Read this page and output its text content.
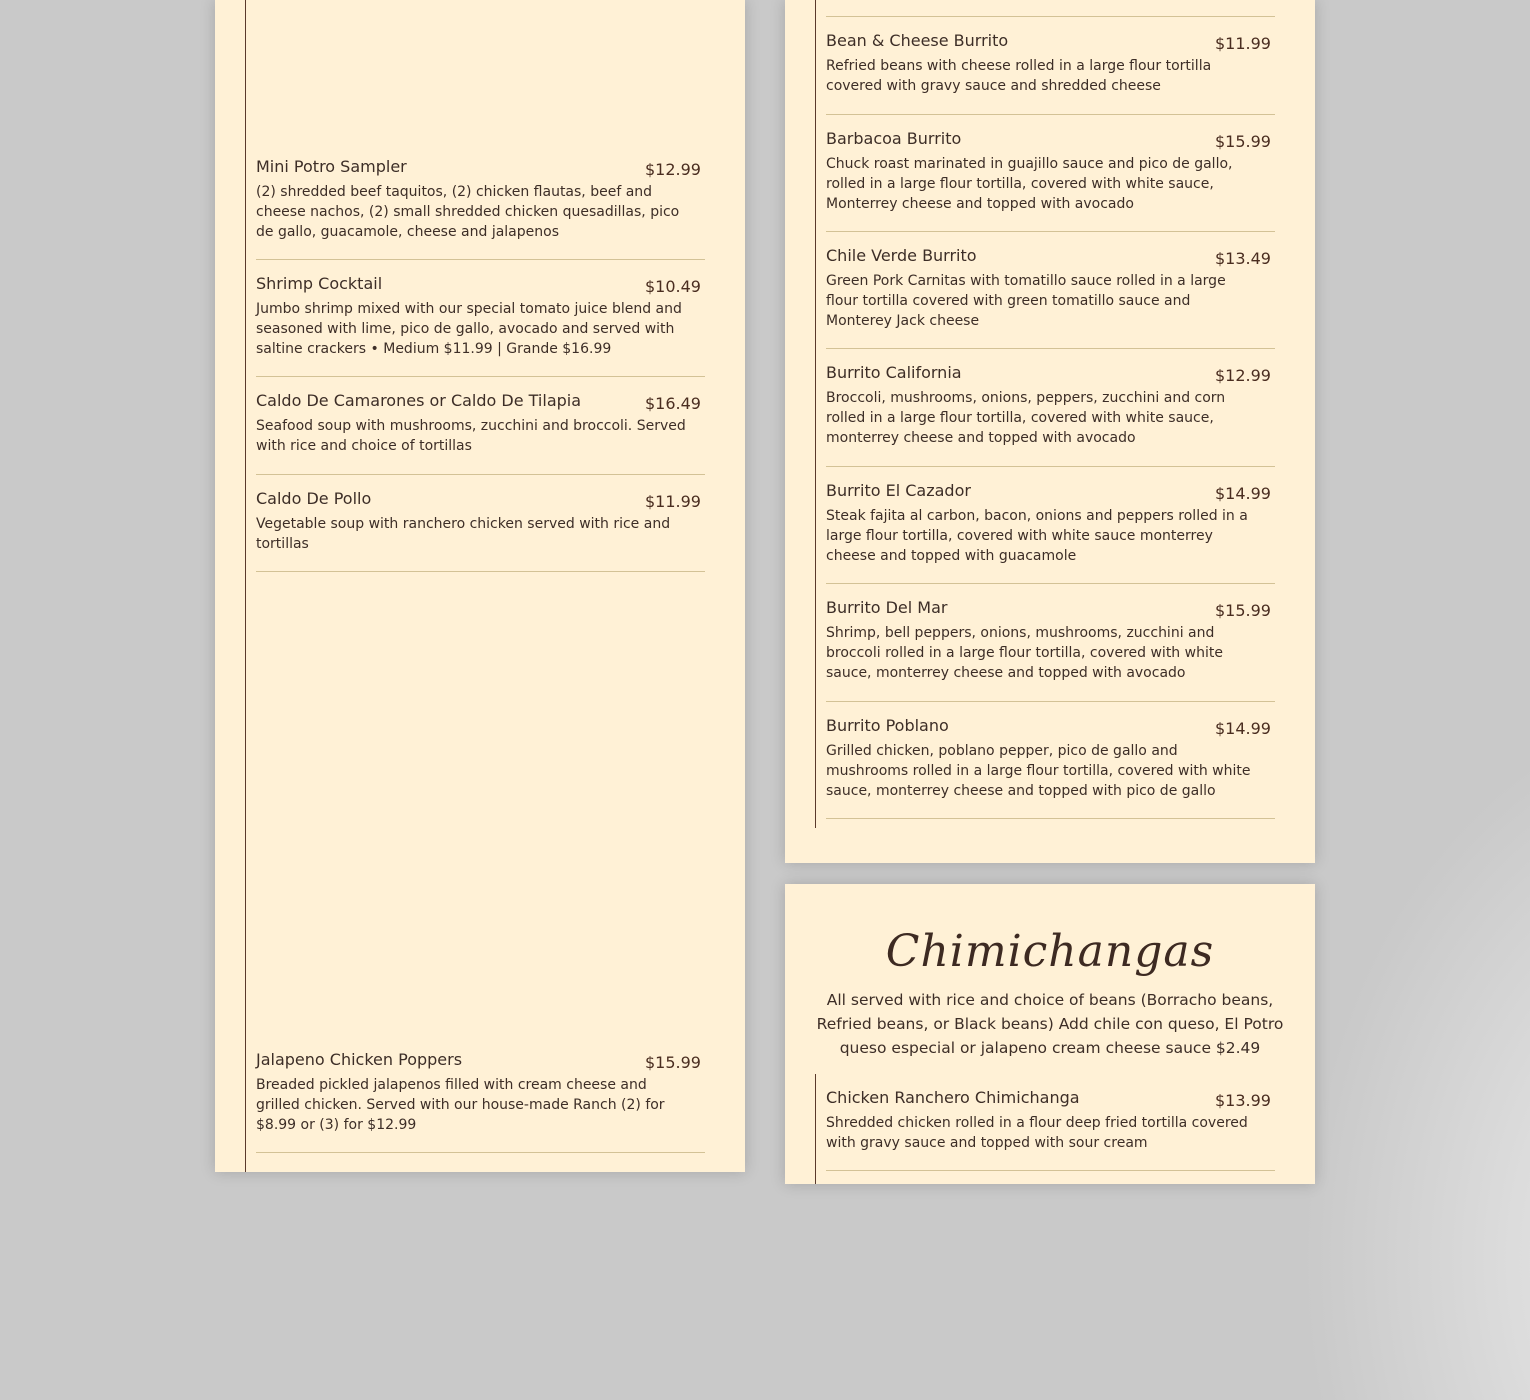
Mini Potro Sampler	$12.99
(2) shredded beef taquitos, (2) chicken flautas, beef and cheese nachos, (2) small shredded chicken quesadillas, pico de gallo, guacamole, cheese and jalapenos
Shrimp Cocktail	$10.49
Jumbo shrimp mixed with our special tomato juice blend and seasoned with lime, pico de gallo, avocado and served with saltine crackers • Medium $11.99 | Grande $16.99
Caldo De Camarones or Caldo De Tilapia	$16.49
Seafood soup with mushrooms, zucchini and broccoli. Served with rice and choice of tortillas
Caldo De Pollo	$11.99
Vegetable soup with ranchero chicken served with rice and tortillas
Jalapeno Chicken Poppers	$15.99
Breaded pickled jalapenos filled with cream cheese and grilled chicken. Served with our house-made Ranch (2) for $8.99 or (3) for $12.99
Bean & Cheese Burrito	$11.99
Refried beans with cheese rolled in a large flour tortilla covered with gravy sauce and shredded cheese
Barbacoa Burrito	$15.99
Chuck roast marinated in guajillo sauce and pico de gallo, rolled in a large flour tortilla, covered with white sauce, Monterrey cheese and topped with avocado
Chile Verde Burrito	$13.49
Green Pork Carnitas with tomatillo sauce rolled in a large flour tortilla covered with green tomatillo sauce and Monterey Jack cheese
Burrito California	$12.99
Broccoli, mushrooms, onions, peppers, zucchini and corn rolled in a large flour tortilla, covered with white sauce, monterrey cheese and topped with avocado
Burrito El Cazador	$14.99
Steak fajita al carbon, bacon, onions and peppers rolled in a large flour tortilla, covered with white sauce monterrey cheese and topped with guacamole
Burrito Del Mar	$15.99
Shrimp, bell peppers, onions, mushrooms, zucchini and broccoli rolled in a large flour tortilla, covered with white sauce, monterrey cheese and topped with avocado
Burrito Poblano	$14.99
Grilled chicken, poblano pepper, pico de gallo and mushrooms rolled in a large flour tortilla, covered with white sauce, monterrey cheese and topped with pico de gallo
Chimichangas
All served with rice and choice of beans (Borracho beans, Refried beans, or Black beans) Add chile con queso, El Potro queso especial or jalapeno cream cheese sauce $2.49
Chicken Ranchero Chimichanga	$13.99
Shredded chicken rolled in a flour deep fried tortilla covered with gravy sauce and topped with sour cream
